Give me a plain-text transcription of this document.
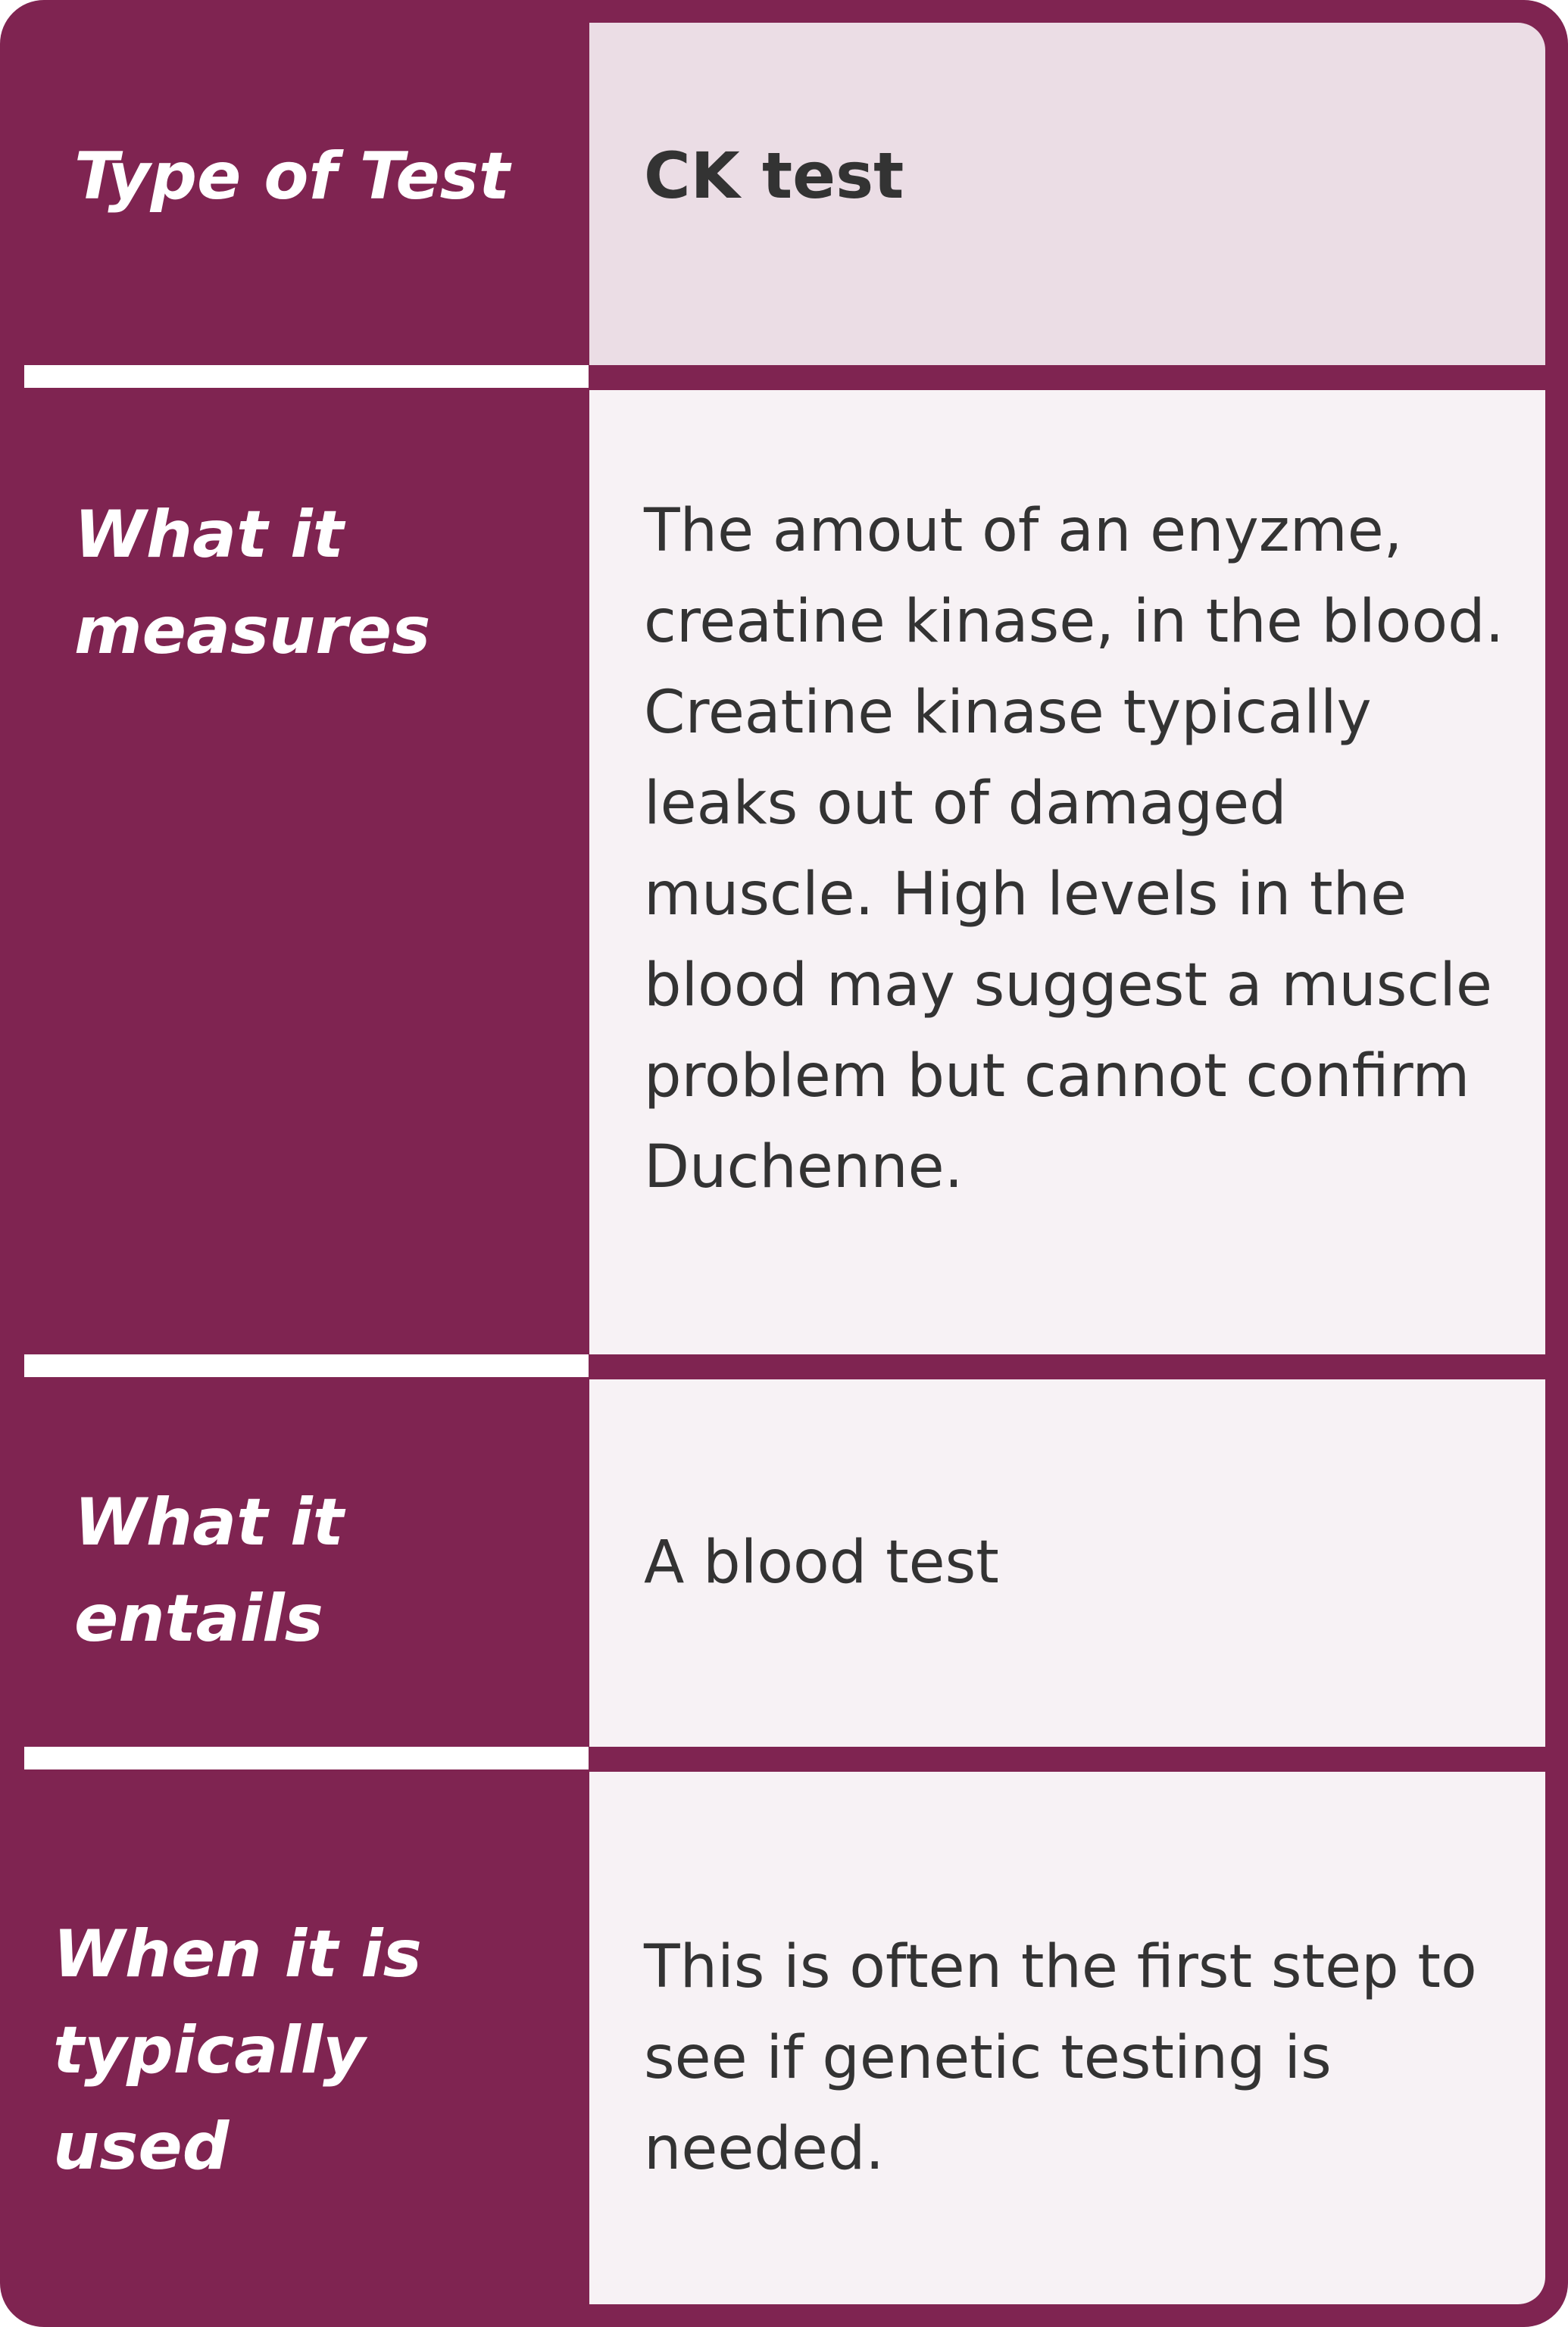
Type of Test CK test

What it
measures

The amout of an enyzme, creatine kinase, in the blood. Creatine kinase typically leaks out of damaged muscle. High levels in the blood may suggest a muscle problem but cannot confirm Duchenne.

What it
entails

A blood test

When it is
typically
used

This is often the first step to see if genetic testing is needed.
